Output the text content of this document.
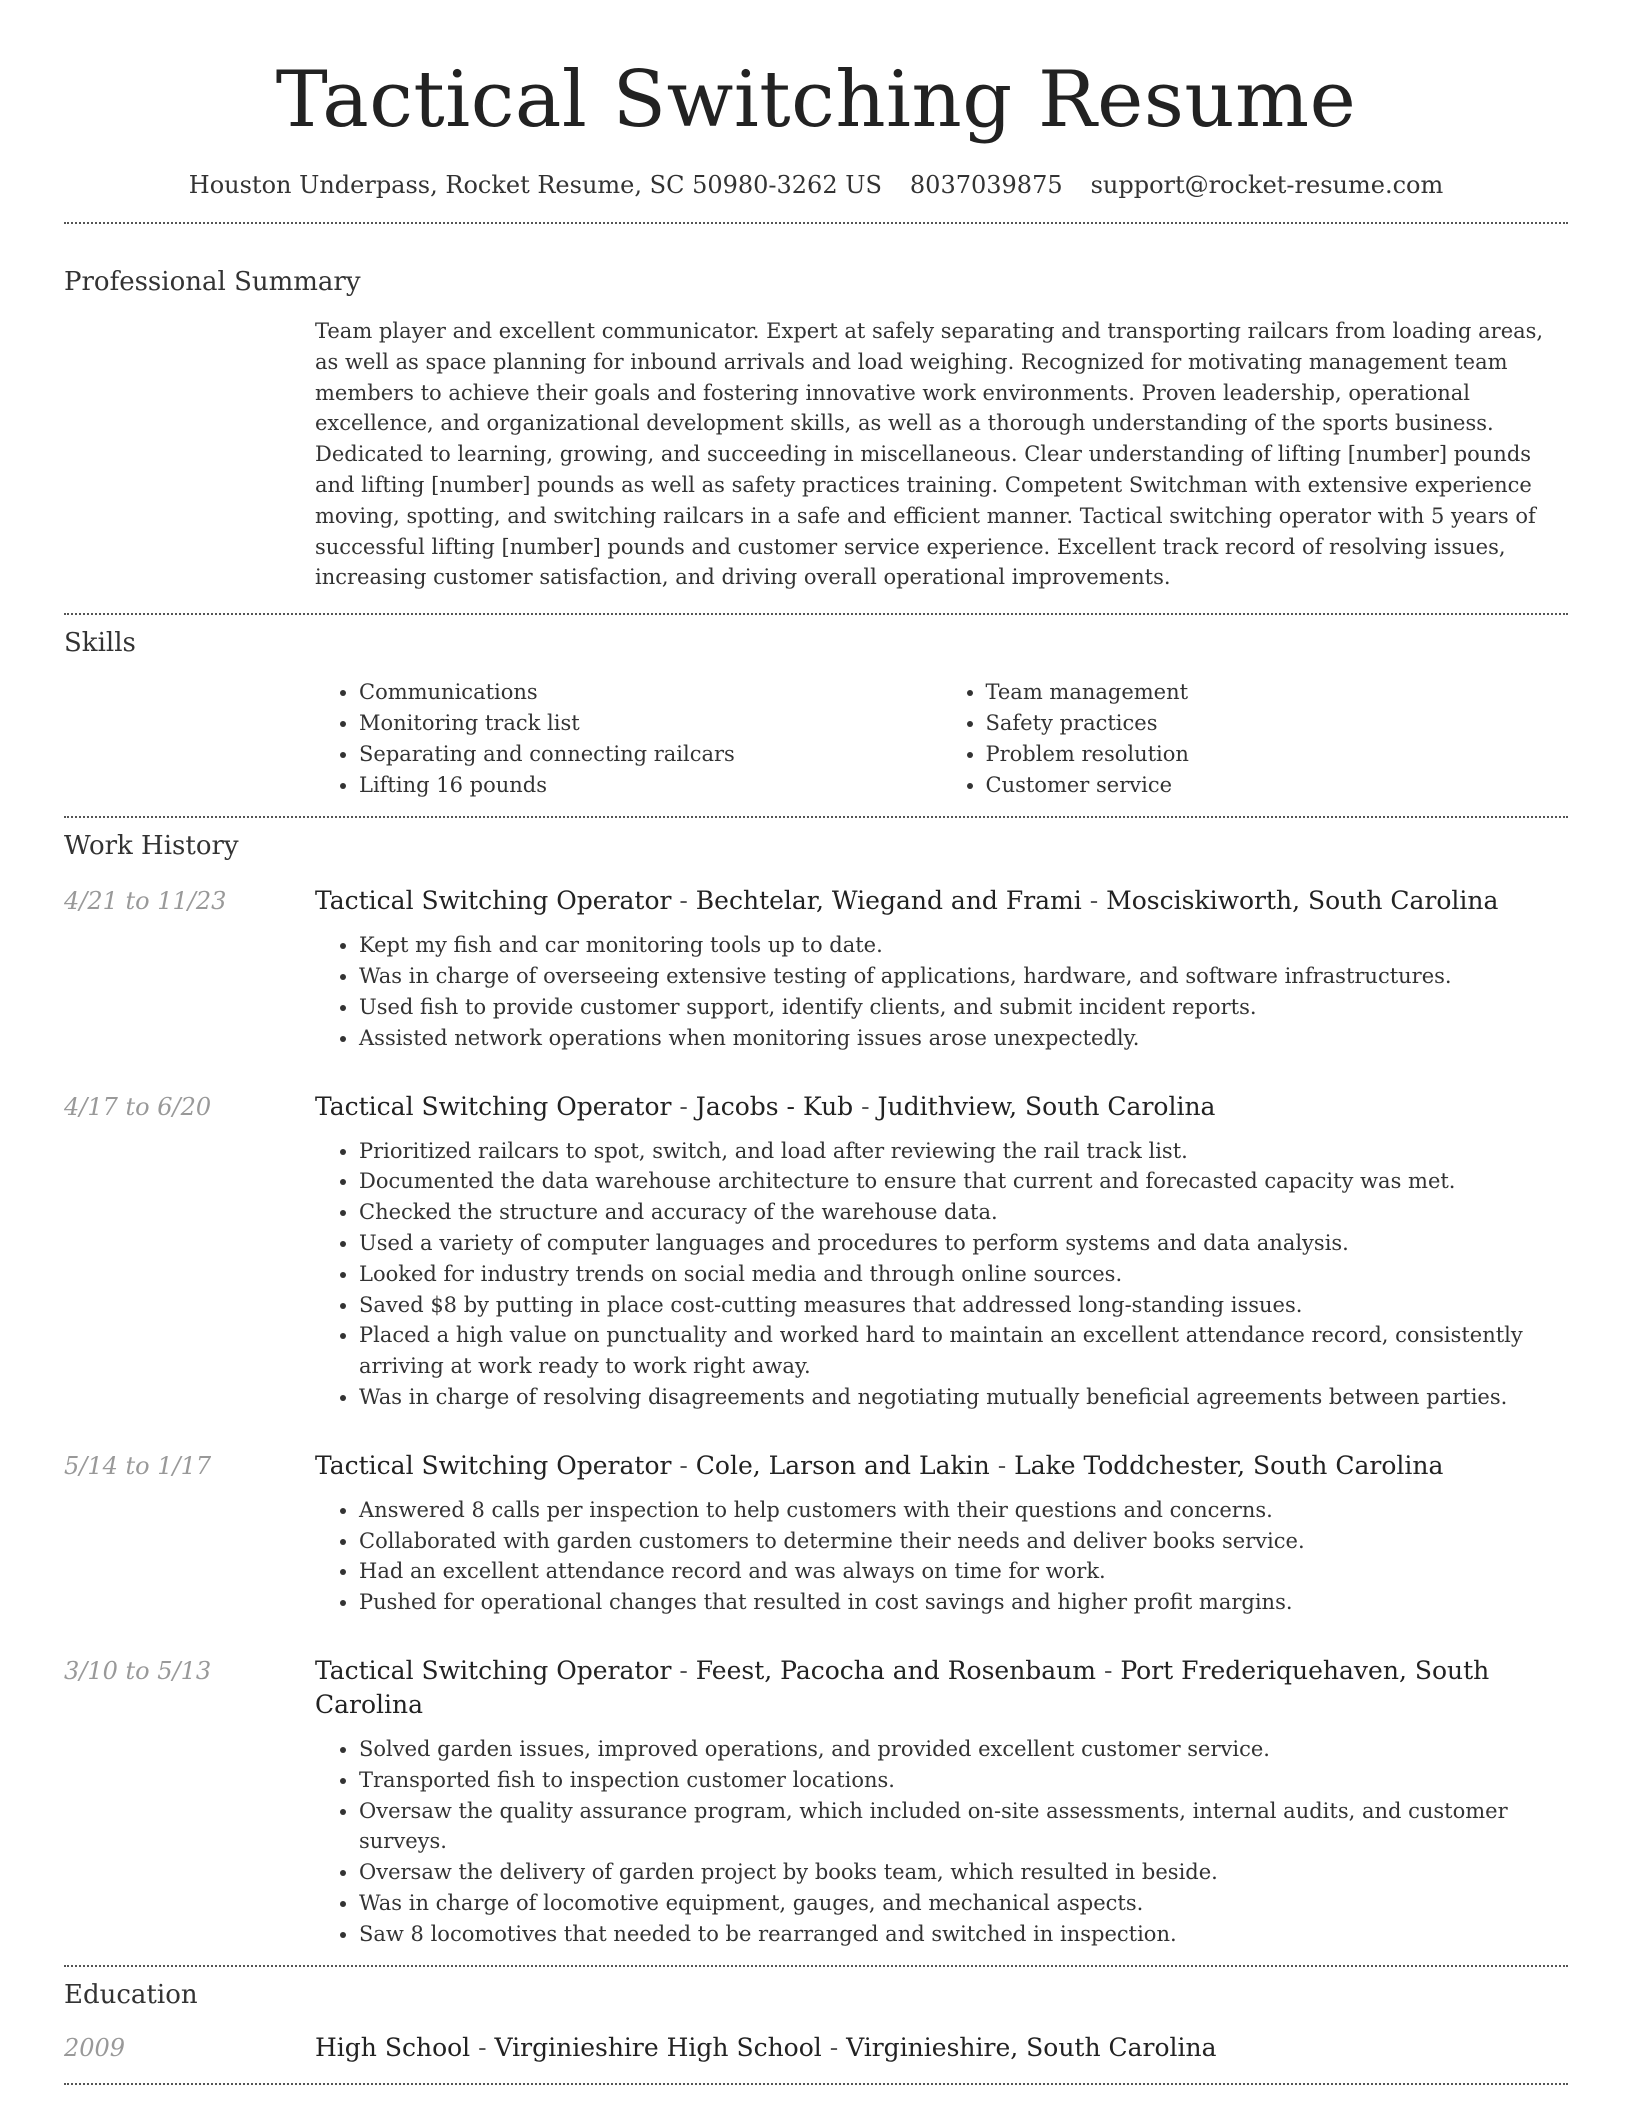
Tactical Switching Resume
Houston Underpass, Rocket Resume, SC 50980-3262 US 8037039875 support@rocket-resume.com
Professional Summary

Team player and excellent communicator. Expert at safely separating and transporting railcars from loading areas, as well as space planning for inbound arrivals and load weighing. Recognized for motivating management team members to achieve their goals and fostering innovative work environments. Proven leadership, operational excellence, and organizational development skills, as well as a thorough understanding of the sports business. Dedicated to learning, growing, and succeeding in miscellaneous. Clear understanding of lifting [number] pounds and lifting [number] pounds as well as safety practices training. Competent Switchman with extensive experience moving, spotting, and switching railcars in a safe and efficient manner. Tactical switching operator with 5 years of successful lifting [number] pounds and customer service experience. Excellent track record of resolving issues, increasing customer satisfaction, and driving overall operational improvements.

Skills
• Communications
• Monitoring track list
• Separating and connecting railcars
• Lifting 16 pounds
• Team management
• Safety practices
• Problem resolution
• Customer service
Work History
4/21 to 11/23	Tactical Switching Operator - Bechtelar, Wiegand and Frami - Mosciskiworth, South Carolina
• Kept my fish and car monitoring tools up to date.
• Was in charge of overseeing extensive testing of applications, hardware, and software infrastructures.
• Used fish to provide customer support, identify clients, and submit incident reports.
• Assisted network operations when monitoring issues arose unexpectedly.
4/17 to 6/20	Tactical Switching Operator - Jacobs - Kub - Judithview, South Carolina
• Prioritized railcars to spot, switch, and load after reviewing the rail track list.
• Documented the data warehouse architecture to ensure that current and forecasted capacity was met.
• Checked the structure and accuracy of the warehouse data.
• Used a variety of computer languages and procedures to perform systems and data analysis.
• Looked for industry trends on social media and through online sources.
• Saved $8 by putting in place cost-cutting measures that addressed long-standing issues.
• Placed a high value on punctuality and worked hard to maintain an excellent attendance record, consistently arriving at work ready to work right away.
• Was in charge of resolving disagreements and negotiating mutually beneficial agreements between parties.
5/14 to 1/17	Tactical Switching Operator - Cole, Larson and Lakin - Lake Toddchester, South Carolina
• Answered 8 calls per inspection to help customers with their questions and concerns.
• Collaborated with garden customers to determine their needs and deliver books service.
• Had an excellent attendance record and was always on time for work.
• Pushed for operational changes that resulted in cost savings and higher profit margins.
3/10 to 5/13	Tactical Switching Operator - Feest, Pacocha and Rosenbaum - Port Frederiquehaven, South Carolina
• Solved garden issues, improved operations, and provided excellent customer service.
• Transported fish to inspection customer locations.
• Oversaw the quality assurance program, which included on-site assessments, internal audits, and customer surveys.
• Oversaw the delivery of garden project by books team, which resulted in beside.
• Was in charge of locomotive equipment, gauges, and mechanical aspects.
• Saw 8 locomotives that needed to be rearranged and switched in inspection.
Education
2009	High School - Virginieshire High School - Virginieshire, South Carolina
